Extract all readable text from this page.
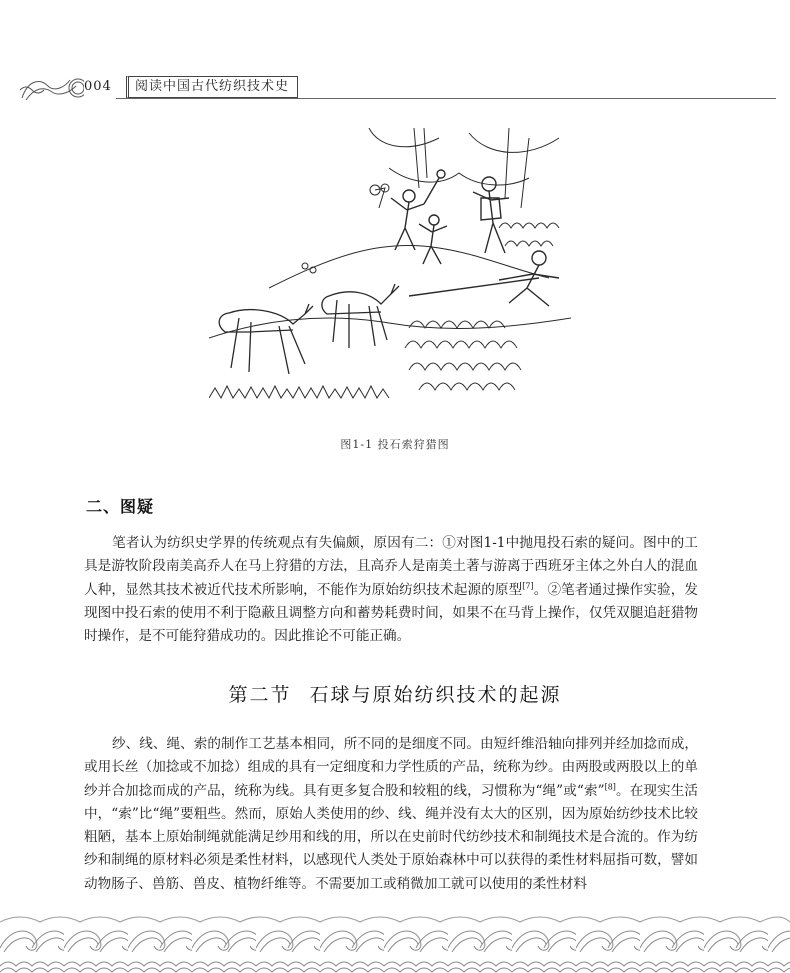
004	阅读中国古代纺织技术史
图1-1 投石索狩猎图
二、图疑

笔者认为纺织史学界的传统观点有失偏颇，原因有二：①对图1-1中抛甩投石索的疑问。图中的工具是游牧阶段南美高乔人在马上狩猎的方法，且高乔人是南美土著与游离于西班牙主体之外白人的混血人种，显然其技术被近代技术所影响，不能作为原始纺织技术起源的原型[7]。②笔者通过操作实验，发现图中投石索的使用不利于隐蔽且调整方向和蓄势耗费时间，如果不在马背上操作，仅凭双腿追赶猎物时操作，是不可能狩猎成功的。因此推论不可能正确。

第二节 石球与原始纺织技术的起源

纱、线、绳、索的制作工艺基本相同，所不同的是细度不同。由短纤维沿轴向排列并经加捻而成，或用长丝（加捻或不加捻）组成的具有一定细度和力学性质的产品，统称为纱。由两股或两股以上的单纱并合加捻而成的产品，统称为线。具有更多复合股和较粗的线，习惯称为“绳”或“索”[8]。在现实生活中，“索”比“绳”要粗些。然而，原始人类使用的纱、线、绳并没有太大的区别，因为原始纺纱技术比较粗陋，基本上原始制绳就能满足纱用和线的用，所以在史前时代纺纱技术和制绳技术是合流的。作为纺纱和制绳的原材料必须是柔性材料，以感现代人类处于原始森林中可以获得的柔性材料屈指可数，譬如动物肠子、兽筋、兽皮、植物纤维等。不需要加工或稍微加工就可以使用的柔性材料
